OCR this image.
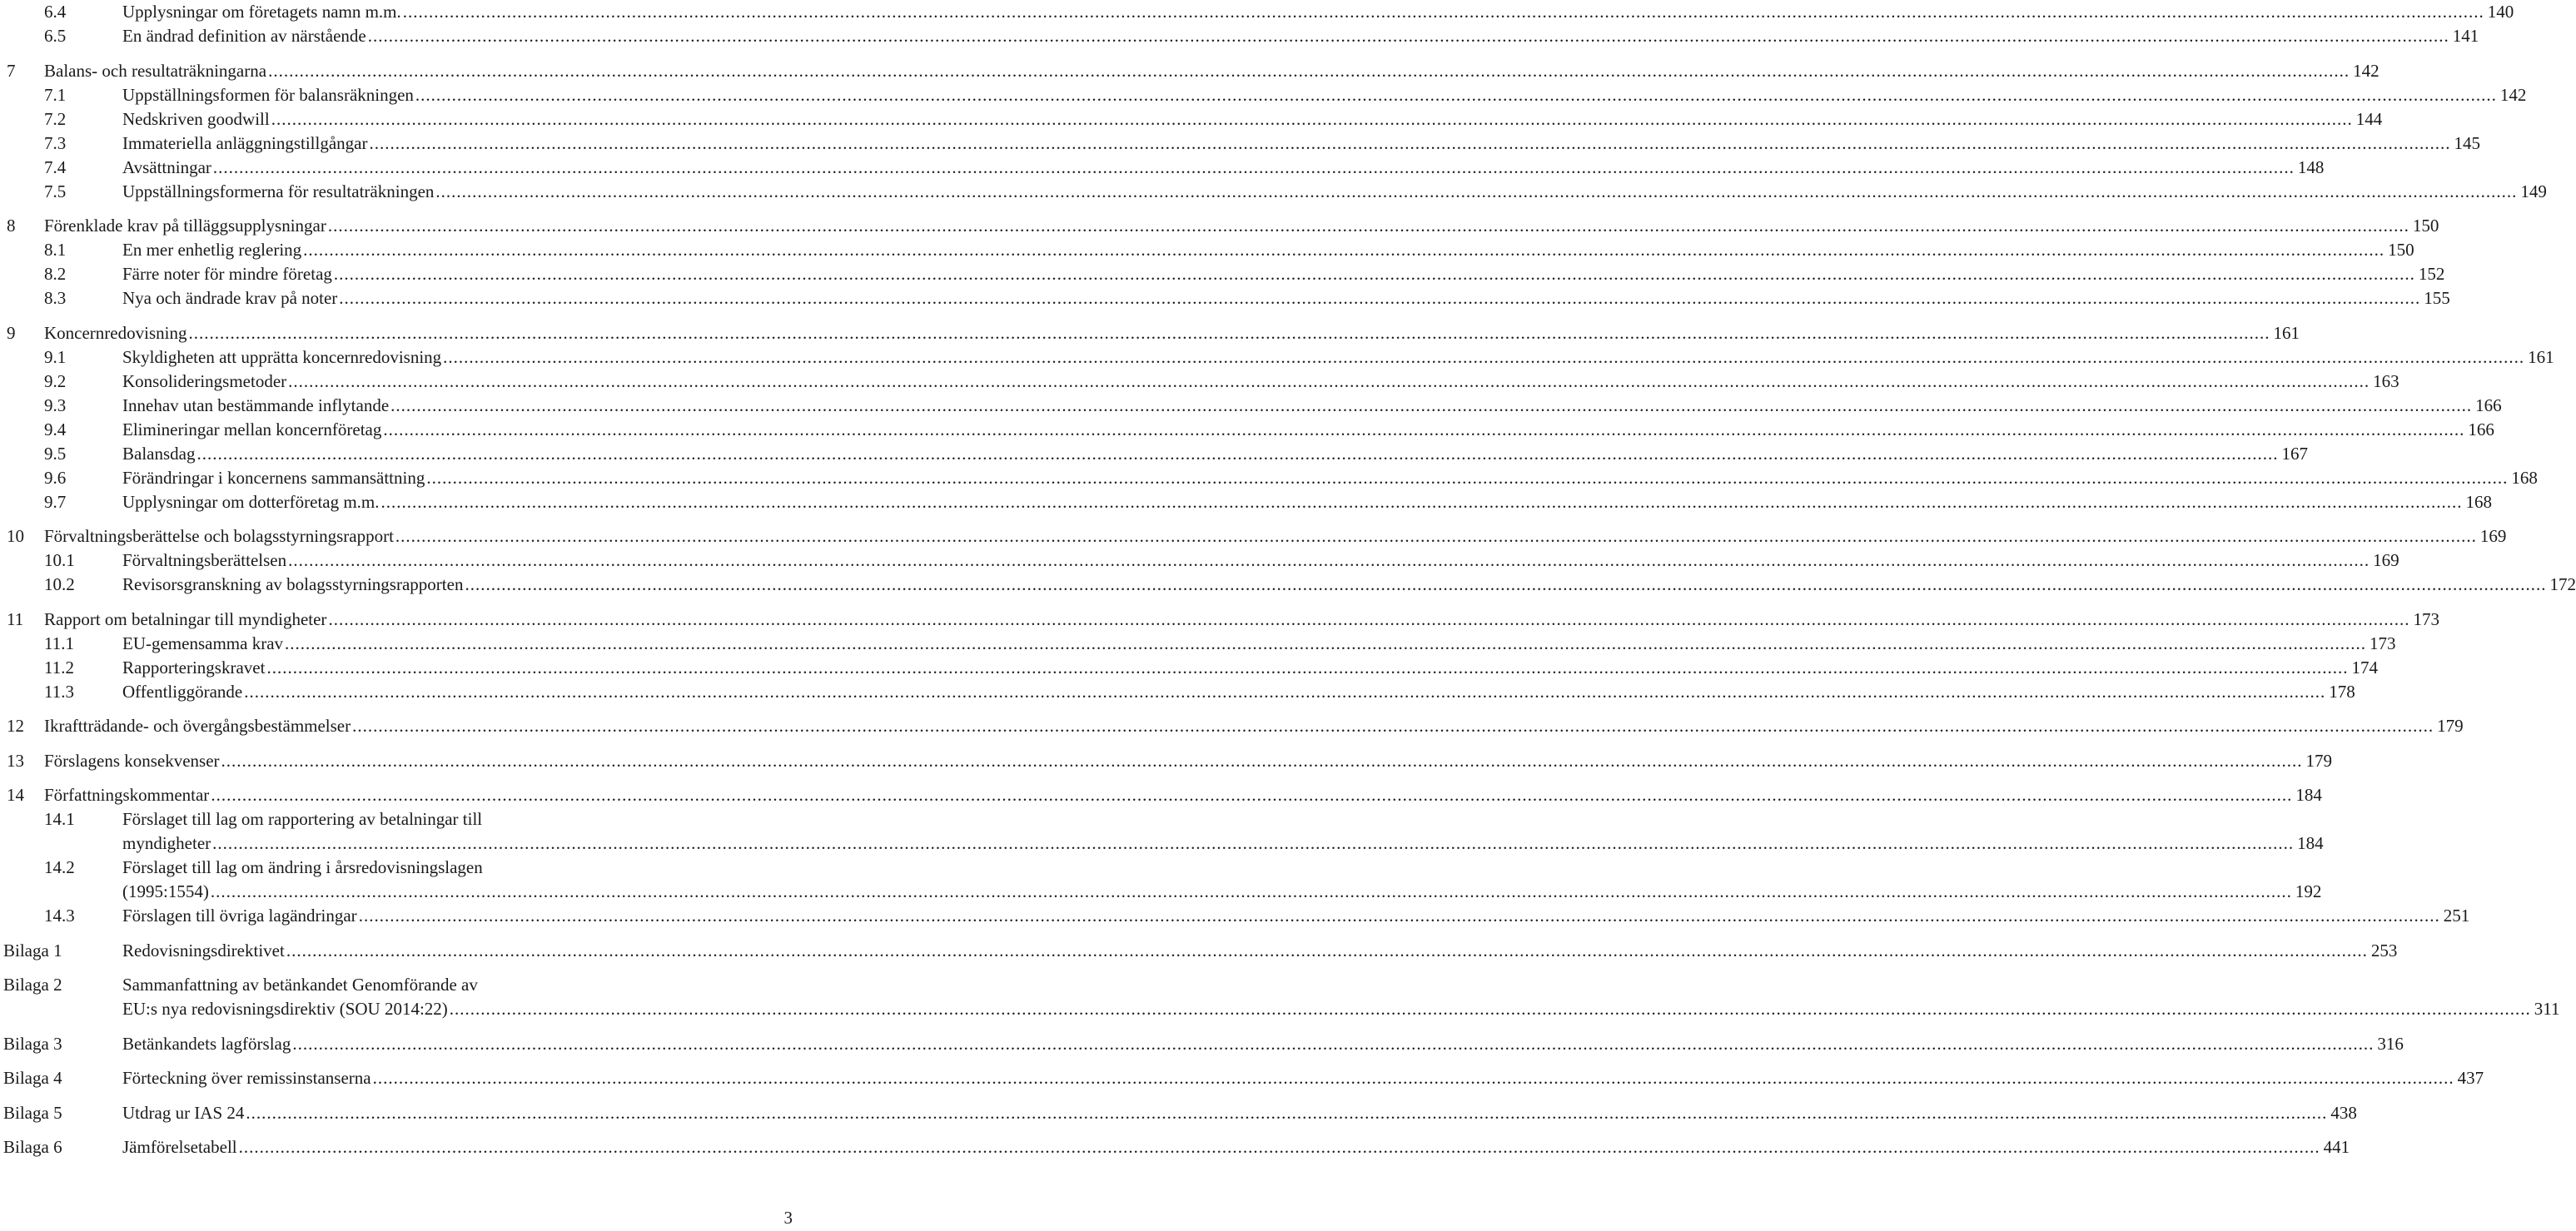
6.4	Upplysningar om företagets namn m.m. ................................................................................................................................................................................................................................................................................................................................................................................................................ 140
6.5	En ändrad definition av närstående ................................................................................................................................................................................................................................................................................................................................................................................................................ 141
7 Balans- och resultaträkningarna ................................................................................................................................................................................................................................................................................................................................................................................................................ 142
7.1	Uppställningsformen för balansräkningen ................................................................................................................................................................................................................................................................................................................................................................................................................ 142
7.2	Nedskriven goodwill ................................................................................................................................................................................................................................................................................................................................................................................................................ 144
7.3	Immateriella anläggningstillgångar ................................................................................................................................................................................................................................................................................................................................................................................................................ 145
7.4	Avsättningar ................................................................................................................................................................................................................................................................................................................................................................................................................ 148
7.5	Uppställningsformerna för resultaträkningen ................................................................................................................................................................................................................................................................................................................................................................................................................ 149
8 Förenklade krav på tilläggsupplysningar ................................................................................................................................................................................................................................................................................................................................................................................................................ 150
8.1	En mer enhetlig reglering ................................................................................................................................................................................................................................................................................................................................................................................................................ 150
8.2	Färre noter för mindre företag ................................................................................................................................................................................................................................................................................................................................................................................................................ 152
8.3	Nya och ändrade krav på noter ................................................................................................................................................................................................................................................................................................................................................................................................................ 155
9 Koncernredovisning ................................................................................................................................................................................................................................................................................................................................................................................................................ 161
9.1	Skyldigheten att upprätta koncernredovisning ................................................................................................................................................................................................................................................................................................................................................................................................................ 161
9.2	Konsolideringsmetoder ................................................................................................................................................................................................................................................................................................................................................................................................................ 163
9.3	Innehav utan bestämmande inflytande ................................................................................................................................................................................................................................................................................................................................................................................................................ 166
9.4	Elimineringar mellan koncernföretag ................................................................................................................................................................................................................................................................................................................................................................................................................ 166
9.5	Balansdag ................................................................................................................................................................................................................................................................................................................................................................................................................ 167
9.6	Förändringar i koncernens sammansättning ................................................................................................................................................................................................................................................................................................................................................................................................................ 168
9.7	Upplysningar om dotterföretag m.m. ................................................................................................................................................................................................................................................................................................................................................................................................................ 168
10 Förvaltningsberättelse och bolagsstyrningsrapport ................................................................................................................................................................................................................................................................................................................................................................................................................ 169
10.1	Förvaltningsberättelsen ................................................................................................................................................................................................................................................................................................................................................................................................................ 169
10.2	Revisorsgranskning av bolagsstyrningsrapporten ................................................................................................................................................................................................................................................................................................................................................................................................................ 172
11 Rapport om betalningar till myndigheter ................................................................................................................................................................................................................................................................................................................................................................................................................ 173
11.1	EU-gemensamma krav ................................................................................................................................................................................................................................................................................................................................................................................................................ 173
11.2	Rapporteringskravet ................................................................................................................................................................................................................................................................................................................................................................................................................ 174
11.3	Offentliggörande ................................................................................................................................................................................................................................................................................................................................................................................................................ 178
12 Ikraftträdande- och övergångsbestämmelser ................................................................................................................................................................................................................................................................................................................................................................................................................ 179
13 Förslagens konsekvenser ................................................................................................................................................................................................................................................................................................................................................................................................................ 179
14 Författningskommentar ................................................................................................................................................................................................................................................................................................................................................................................................................ 184
14.1	Förslaget till lag om rapportering av betalningar till
myndigheter ................................................................................................................................................................................................................................................................................................................................................................................................................ 184
14.2	Förslaget till lag om ändring i årsredovisningslagen
(1995:1554) ................................................................................................................................................................................................................................................................................................................................................................................................................ 192
14.3	Förslagen till övriga lagändringar ................................................................................................................................................................................................................................................................................................................................................................................................................ 251
Bilaga 1	Redovisningsdirektivet ................................................................................................................................................................................................................................................................................................................................................................................................................ 253
Bilaga 2	Sammanfattning av betänkandet Genomförande av
EU:s nya redovisningsdirektiv (SOU 2014:22) ................................................................................................................................................................................................................................................................................................................................................................................................................ 311
Bilaga 3	Betänkandets lagförslag ................................................................................................................................................................................................................................................................................................................................................................................................................ 316
Bilaga 4	Förteckning över remissinstanserna ................................................................................................................................................................................................................................................................................................................................................................................................................ 437
Bilaga 5	Utdrag ur IAS 24 ................................................................................................................................................................................................................................................................................................................................................................................................................ 438
Bilaga 6	Jämförelsetabell ................................................................................................................................................................................................................................................................................................................................................................................................................ 441
3
